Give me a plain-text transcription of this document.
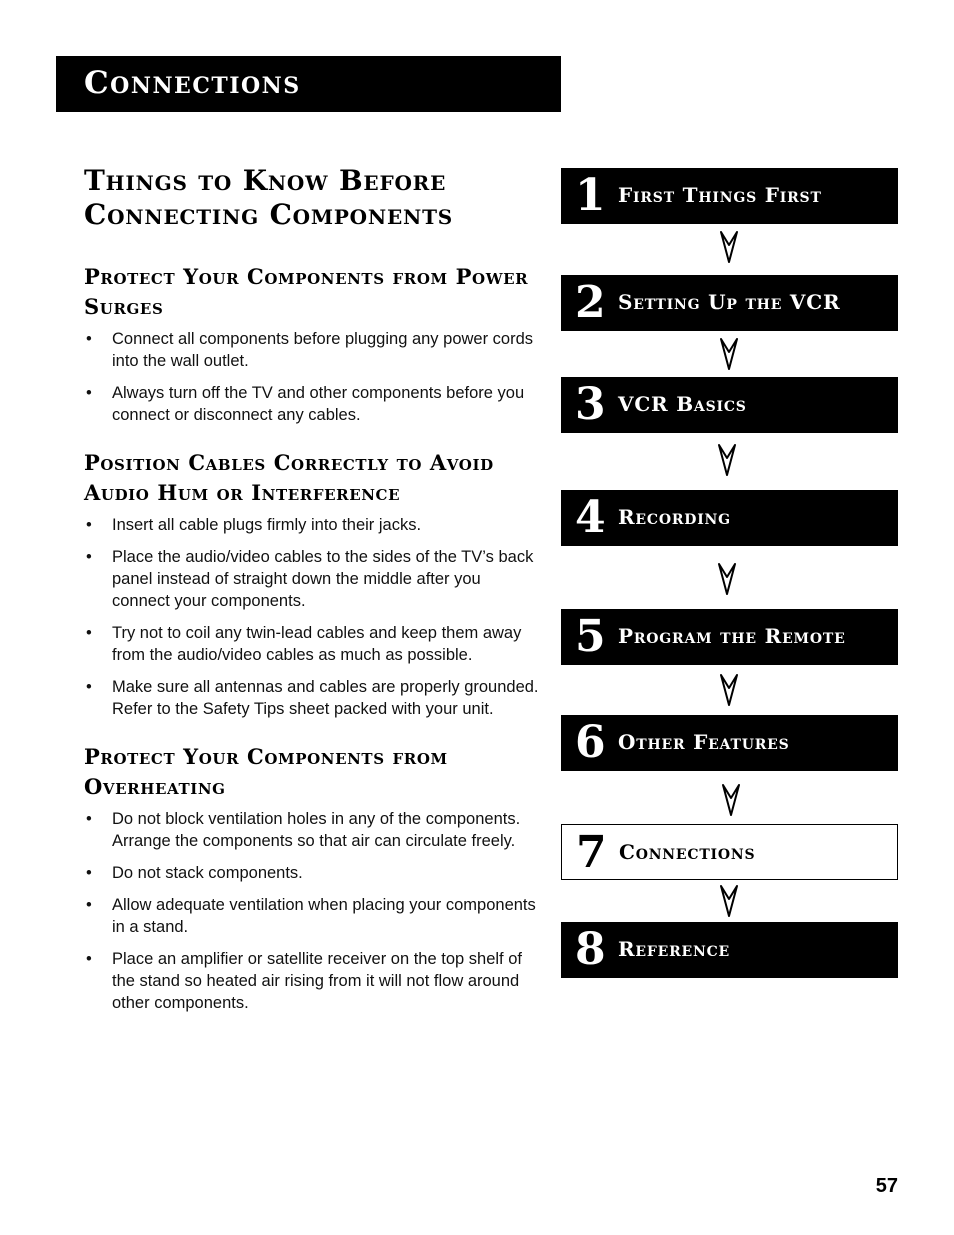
Connections
Things to Know Before Connecting Components
Protect Your Components from Power Surges
• Connect all components before plugging any power cords into the wall outlet.
• Always turn off the TV and other components before you connect or disconnect any cables.
Position Cables Correctly to Avoid Audio Hum or Interference
• Insert all cable plugs firmly into their jacks.
• Place the audio/video cables to the sides of the TV’s back panel instead of straight down the middle after you connect your components.
• Try not to coil any twin-lead cables and keep them away from the audio/video cables as much as possible.
• Make sure all antennas and cables are properly grounded. Refer to the Safety Tips sheet packed with your unit.
Protect Your Components from Overheating
• Do not block ventilation holes in any of the components. Arrange the components so that air can circulate freely.
• Do not stack components.
• Allow adequate ventilation when placing your components in a stand.
• Place an amplifier or satellite receiver on the top shelf of the stand so heated air rising from it will not flow around other components.
1 First Things First
2 Setting Up the VCR
3 VCR Basics
4 Recording
5 Program the Remote
6 Other Features
7 Connections
8 Reference
57
